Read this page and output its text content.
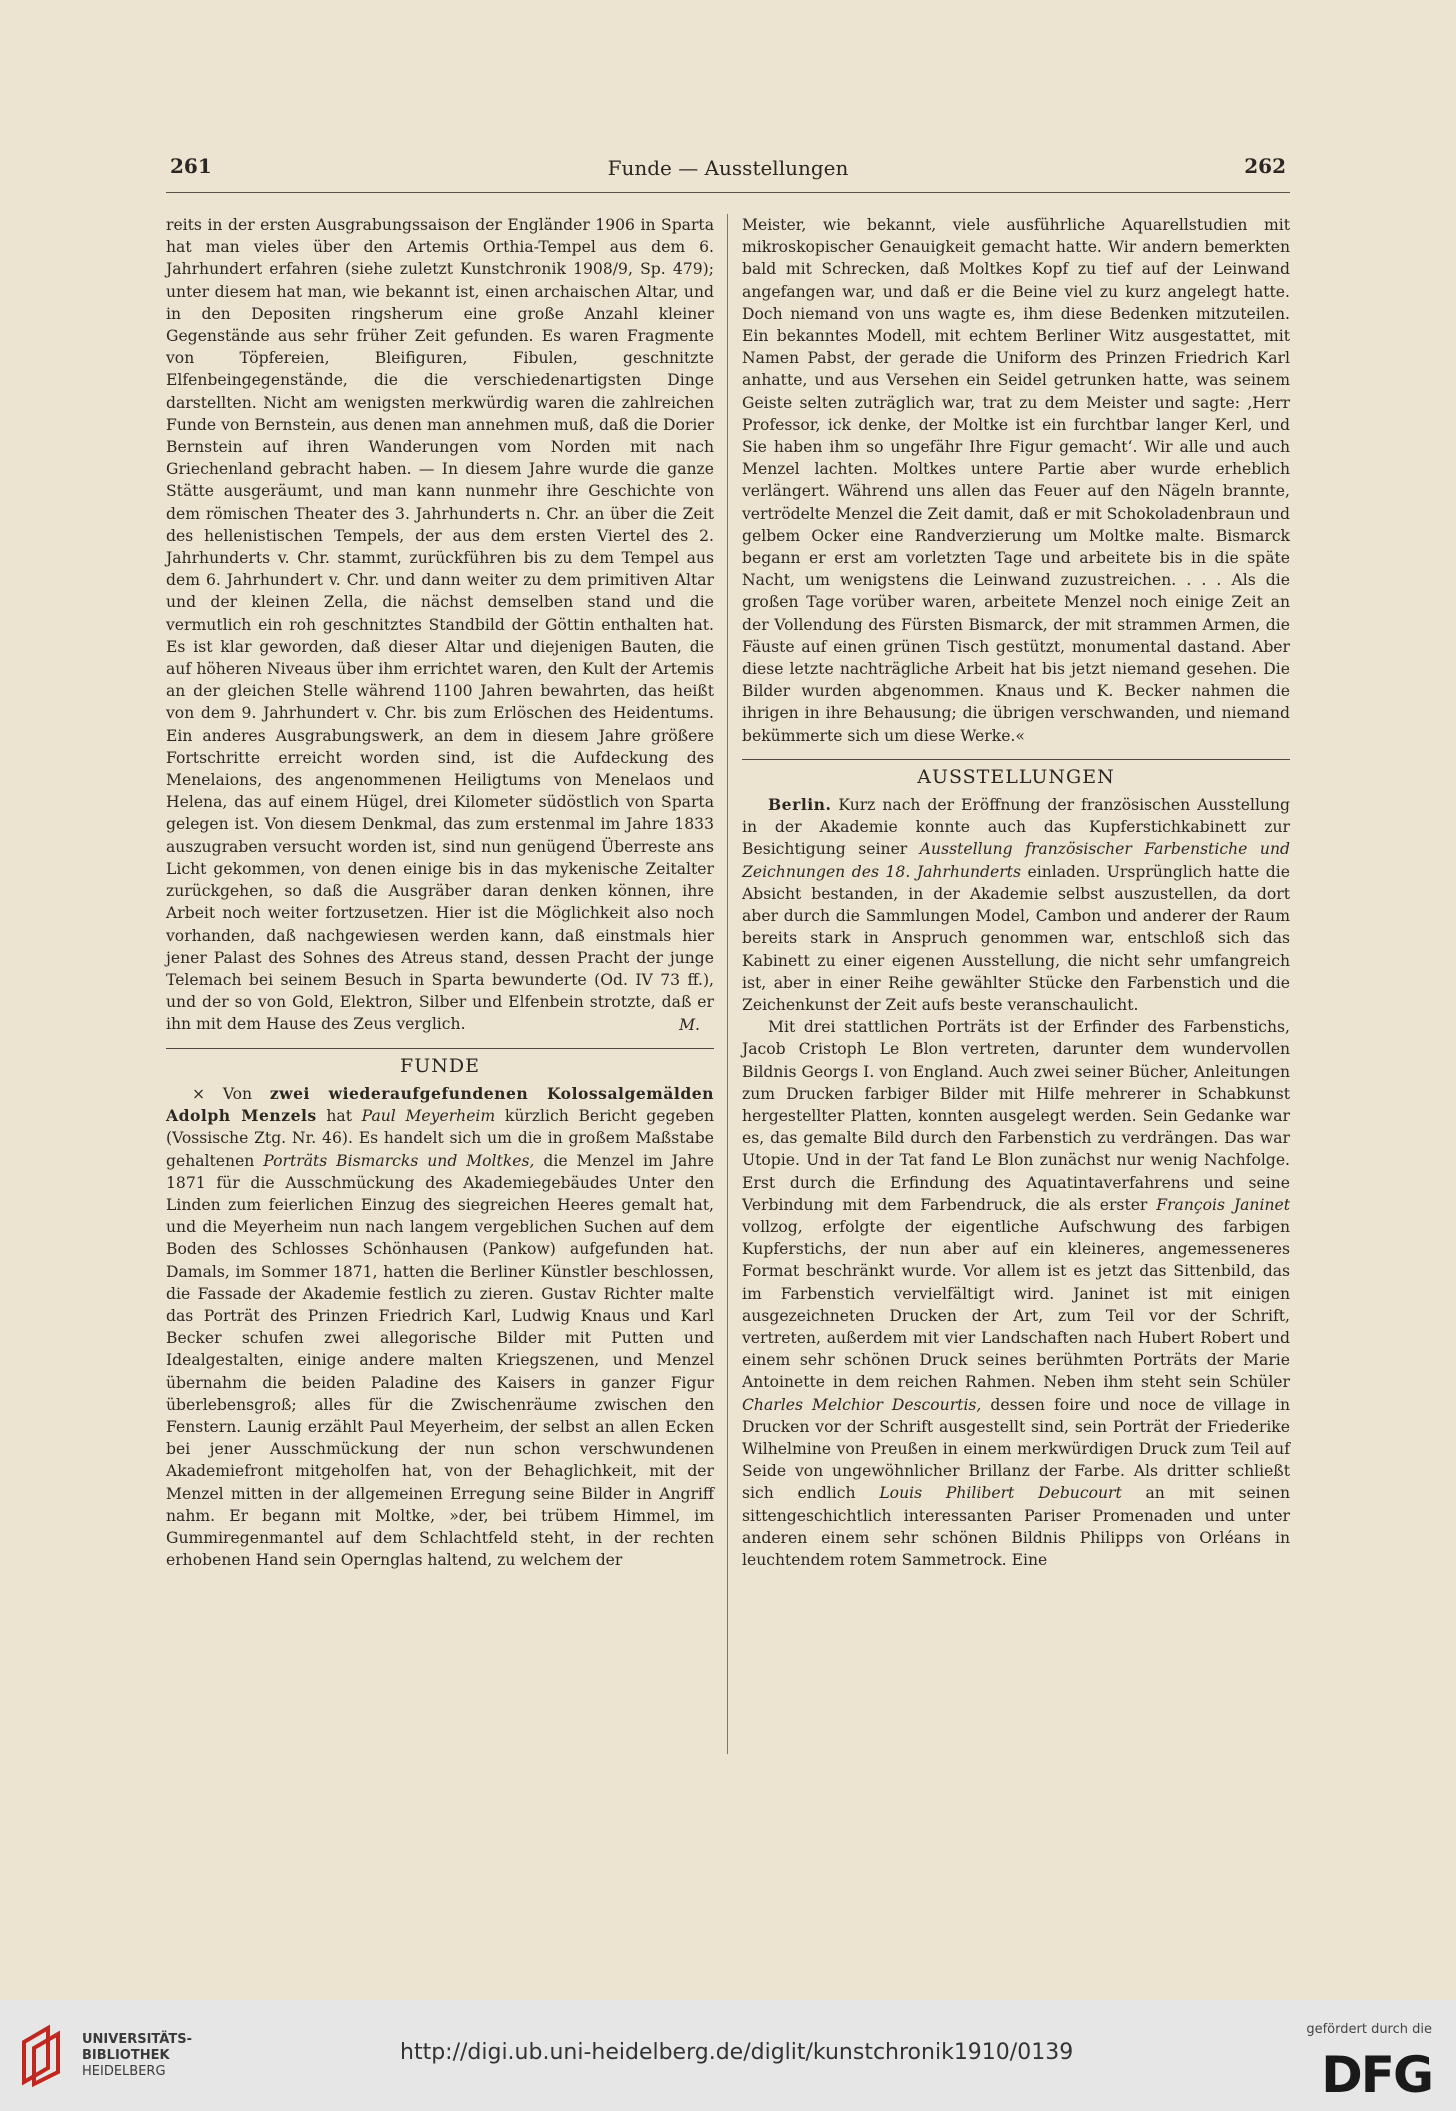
261	Funde — Ausstellungen	262

reits in der ersten Ausgrabungssaison der Engländer 1906 in Sparta hat man vieles über den Artemis Orthia-Tempel aus dem 6. Jahrhundert erfahren (siehe zuletzt Kunstchronik 1908/9, Sp. 479); unter diesem hat man, wie bekannt ist, einen archaischen Altar, und in den Depositen ringsherum eine große Anzahl kleiner Gegenstände aus sehr früher Zeit gefunden. Es waren Fragmente von Töpfereien, Bleifiguren, Fibulen, geschnitzte Elfenbeingegenstände, die die verschiedenartigsten Dinge darstellten. Nicht am wenigsten merkwürdig waren die zahlreichen Funde von Bernstein, aus denen man annehmen muß, daß die Dorier Bernstein auf ihren Wanderungen vom Norden mit nach Griechenland gebracht haben. — In diesem Jahre wurde die ganze Stätte ausgeräumt, und man kann nunmehr ihre Geschichte von dem römischen Theater des 3. Jahrhunderts n. Chr. an über die Zeit des hellenistischen Tempels, der aus dem ersten Viertel des 2. Jahrhunderts v. Chr. stammt, zurückführen bis zu dem Tempel aus dem 6. Jahrhundert v. Chr. und dann weiter zu dem primitiven Altar und der kleinen Zella, die nächst demselben stand und die vermutlich ein roh geschnitztes Standbild der Göttin enthalten hat. Es ist klar geworden, daß dieser Altar und diejenigen Bauten, die auf höheren Niveaus über ihm errichtet waren, den Kult der Artemis an der gleichen Stelle während 1100 Jahren bewahrten, das heißt von dem 9. Jahrhundert v. Chr. bis zum Erlöschen des Heidentums. Ein anderes Ausgrabungswerk, an dem in diesem Jahre größere Fortschritte erreicht worden sind, ist die Aufdeckung des Menelaions, des angenommenen Heiligtums von Menelaos und Helena, das auf einem Hügel, drei Kilometer südöstlich von Sparta gelegen ist. Von diesem Denkmal, das zum erstenmal im Jahre 1833 auszugraben versucht worden ist, sind nun genügend Überreste ans Licht gekommen, von denen einige bis in das mykenische Zeitalter zurückgehen, so daß die Ausgräber daran denken können, ihre Arbeit noch weiter fortzusetzen. Hier ist die Möglichkeit also noch vorhanden, daß nachgewiesen werden kann, daß einstmals hier jener Palast des Sohnes des Atreus stand, dessen Pracht der junge Telemach bei seinem Besuch in Sparta bewunderte (Od. IV 73 ff.), und der so von Gold, Elektron, Silber und Elfenbein strotzte, daß er ihn mit dem Hause des Zeus verglich.	M.
FUNDE

× Von zwei wiederaufgefundenen Kolossalgemälden Adolph Menzels hat Paul Meyerheim kürzlich Bericht gegeben (Vossische Ztg. Nr. 46). Es handelt sich um die in großem Maßstabe gehaltenen Porträts Bismarcks und Moltkes, die Menzel im Jahre 1871 für die Ausschmückung des Akademiegebäudes Unter den Linden zum feierlichen Einzug des siegreichen Heeres gemalt hat, und die Meyerheim nun nach langem vergeblichen Suchen auf dem Boden des Schlosses Schönhausen (Pankow) aufgefunden hat. Damals, im Sommer 1871, hatten die Berliner Künstler beschlossen, die Fassade der Akademie festlich zu zieren. Gustav Richter malte das Porträt des Prinzen Friedrich Karl, Ludwig Knaus und Karl Becker schufen zwei allegorische Bilder mit Putten und Idealgestalten, einige andere malten Kriegszenen, und Menzel übernahm die beiden Paladine des Kaisers in ganzer Figur überlebensgroß; alles für die Zwischenräume zwischen den Fenstern. Launig erzählt Paul Meyerheim, der selbst an allen Ecken bei jener Ausschmückung der nun schon verschwundenen Akademiefront mitgeholfen hat, von der Behaglichkeit, mit der Menzel mitten in der allgemeinen Erregung seine Bilder in Angriff nahm. Er begann mit Moltke, »der, bei trübem Himmel, im Gummiregenmantel auf dem Schlachtfeld steht, in der rechten erhobenen Hand sein Opernglas haltend, zu welchem der

Meister, wie bekannt, viele ausführliche Aquarellstudien mit mikroskopischer Genauigkeit gemacht hatte. Wir andern bemerkten bald mit Schrecken, daß Moltkes Kopf zu tief auf der Leinwand angefangen war, und daß er die Beine viel zu kurz angelegt hatte. Doch niemand von uns wagte es, ihm diese Bedenken mitzuteilen. Ein bekanntes Modell, mit echtem Berliner Witz ausgestattet, mit Namen Pabst, der gerade die Uniform des Prinzen Friedrich Karl anhatte, und aus Versehen ein Seidel getrunken hatte, was seinem Geiste selten zuträglich war, trat zu dem Meister und sagte: ‚Herr Professor, ick denke, der Moltke ist ein furchtbar langer Kerl, und Sie haben ihm so ungefähr Ihre Figur gemacht‘. Wir alle und auch Menzel lachten. Moltkes untere Partie aber wurde erheblich verlängert. Während uns allen das Feuer auf den Nägeln brannte, vertrödelte Menzel die Zeit damit, daß er mit Schokoladenbraun und gelbem Ocker eine Randverzierung um Moltke malte. Bismarck begann er erst am vorletzten Tage und arbeitete bis in die späte Nacht, um wenigstens die Leinwand zuzustreichen. . . . Als die großen Tage vorüber waren, arbeitete Menzel noch einige Zeit an der Vollendung des Fürsten Bismarck, der mit strammen Armen, die Fäuste auf einen grünen Tisch gestützt, monumental dastand. Aber diese letzte nachträgliche Arbeit hat bis jetzt niemand gesehen. Die Bilder wurden abgenommen. Knaus und K. Becker nahmen die ihrigen in ihre Behausung; die übrigen verschwanden, und niemand bekümmerte sich um diese Werke.«

AUSSTELLUNGEN

Berlin. Kurz nach der Eröffnung der französischen Ausstellung in der Akademie konnte auch das Kupferstichkabinett zur Besichtigung seiner Ausstellung französischer Farbenstiche und Zeichnungen des 18. Jahrhunderts einladen. Ursprünglich hatte die Absicht bestanden, in der Akademie selbst auszustellen, da dort aber durch die Sammlungen Model, Cambon und anderer der Raum bereits stark in Anspruch genommen war, entschloß sich das Kabinett zu einer eigenen Ausstellung, die nicht sehr umfangreich ist, aber in einer Reihe gewählter Stücke den Farbenstich und die Zeichenkunst der Zeit aufs beste veranschaulicht.

Mit drei stattlichen Porträts ist der Erfinder des Farbenstichs, Jacob Cristoph Le Blon vertreten, darunter dem wundervollen Bildnis Georgs I. von England. Auch zwei seiner Bücher, Anleitungen zum Drucken farbiger Bilder mit Hilfe mehrerer in Schabkunst hergestellter Platten, konnten ausgelegt werden. Sein Gedanke war es, das gemalte Bild durch den Farbenstich zu verdrängen. Das war Utopie. Und in der Tat fand Le Blon zunächst nur wenig Nachfolge. Erst durch die Erfindung des Aquatintaverfahrens und seine Verbindung mit dem Farbendruck, die als erster François Janinet vollzog, erfolgte der eigentliche Aufschwung des farbigen Kupferstichs, der nun aber auf ein kleineres, angemesseneres Format beschränkt wurde. Vor allem ist es jetzt das Sittenbild, das im Farbenstich vervielfältigt wird. Janinet ist mit einigen ausgezeichneten Drucken der Art, zum Teil vor der Schrift, vertreten, außerdem mit vier Landschaften nach Hubert Robert und einem sehr schönen Druck seines berühmten Porträts der Marie Antoinette in dem reichen Rahmen. Neben ihm steht sein Schüler Charles Melchior Descourtis, dessen foire und noce de village in Drucken vor der Schrift ausgestellt sind, sein Porträt der Friederike Wilhelmine von Preußen in einem merkwürdigen Druck zum Teil auf Seide von ungewöhnlicher Brillanz der Farbe. Als dritter schließt sich endlich Louis Philibert Debucourt an mit seinen sittengeschichtlich interessanten Pariser Promenaden und unter anderen einem sehr schönen Bildnis Philipps von Orléans in leuchtendem rotem Sammetrock. Eine

UNIVERSITÄTS-
BIBLIOTHEK
HEIDELBERG
http://digi.ub.uni-heidelberg.de/diglit/kunstchronik1910/0139
gefördert durch die
DFG
